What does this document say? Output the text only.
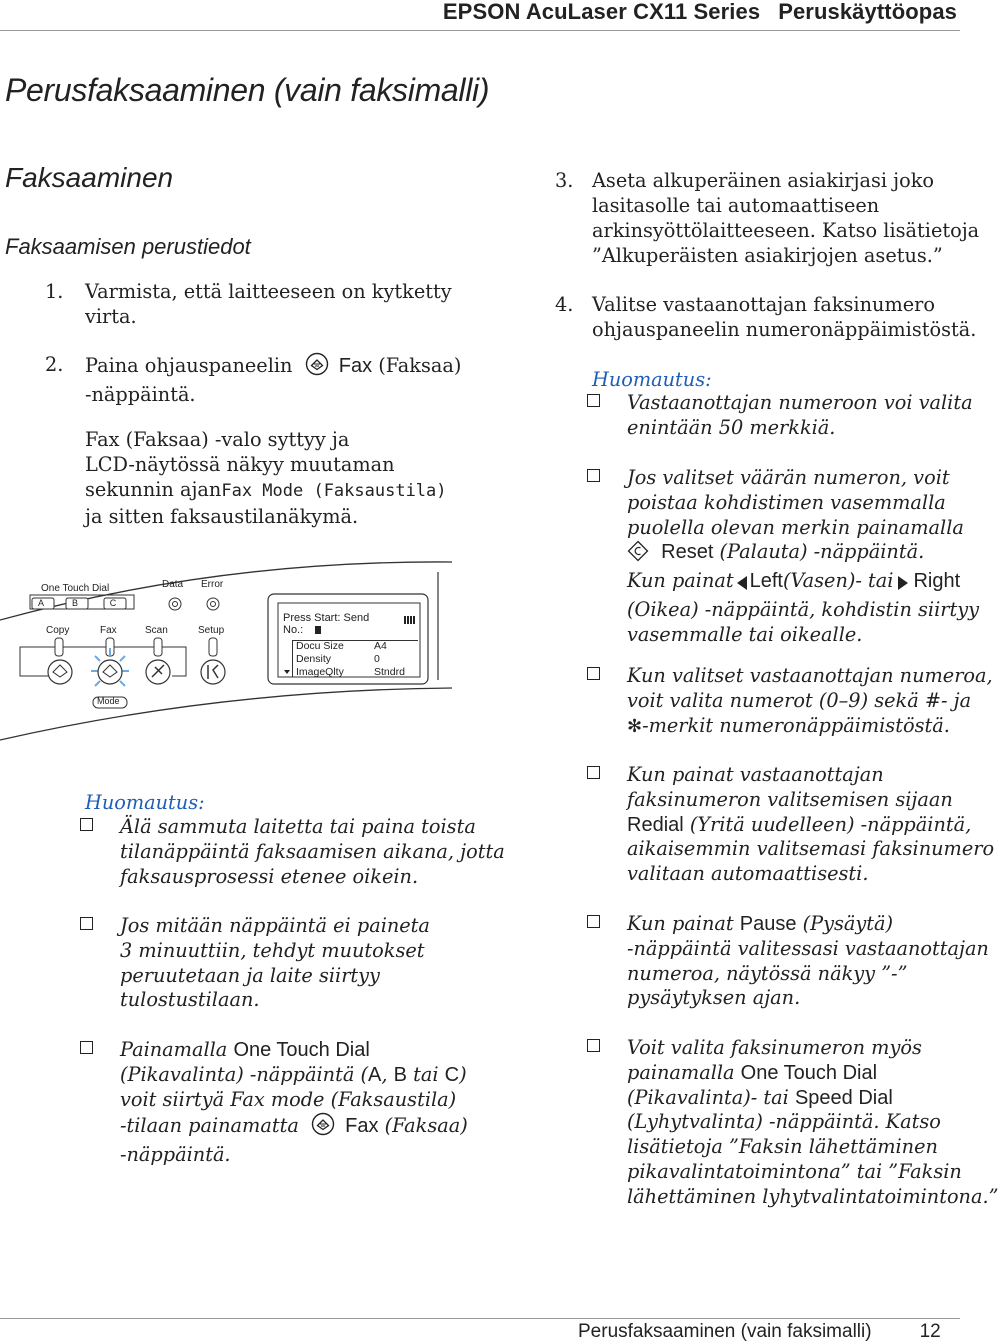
EPSON AcuLaser CX11 Series Peruskäyttöopas
Perusfaksaaminen (vain faksimalli)
Faksaaminen
Faksaamisen perustiedot
1. Varmista, että laitteeseen on kytketty
virta.
2. Paina ohjauspaneelin Fax (Faksaa)
-näppäintä.
Fax (Faksaa) -valo syttyy ja
LCD-näytössä näkyy muutaman
sekunnin ajanFax Mode (Faksaustila)
ja sitten faksaustilanäkymä.
One Touch Dial
A	B	C
Data Error
Copy	Fax	Scan	Setup
Mode
Press Start: Send
No.:
Docu Size	A4
Density	0
ImageQlty	Stndrd
Huomautus:
Älä sammuta laitetta tai paina toista
tilanäppäintä faksaamisen aikana, jotta
faksausprosessi etenee oikein.
Jos mitään näppäintä ei paineta
3 minuuttiin, tehdyt muutokset
peruutetaan ja laite siirtyy
tulostustilaan.
Painamalla One Touch Dial
(Pikavalinta) -näppäintä (A, B tai C)
voit siirtyä Fax mode (Faksaustila)
-tilaan painamatta Fax (Faksaa)
-näppäintä.
3. Aseta alkuperäinen asiakirjasi joko
lasitasolle tai automaattiseen
arkinsyöttölaitteeseen. Katso lisätietoja
”Alkuperäisten asiakirjojen asetus.”
4. Valitse vastaanottajan faksinumero
ohjauspaneelin numeronäppäimistöstä.
Huomautus:
Vastaanottajan numeroon voi valita
enintään 50 merkkiä.
Jos valitset väärän numeron, voit
poistaa kohdistimen vasemmalla
puolella olevan merkin painamalla
Reset (Palauta) -näppäintä.
Kun painat Left(Vasen)- tai Right
(Oikea) -näppäintä, kohdistin siirtyy
vasemmalle tai oikealle.
Kun valitset vastaanottajan numeroa,
voit valita numerot (0–9) sekä #- ja
✻-merkit numeronäppäimistöstä.
Kun painat vastaanottajan
faksinumeron valitsemisen sijaan
Redial (Yritä uudelleen) -näppäintä,
aikaisemmin valitsemasi faksinumero
valitaan automaattisesti.
Kun painat Pause (Pysäytä)
-näppäintä valitessasi vastaanottajan
numeroa, näytössä näkyy ”-”
pysäytyksen ajan.
Voit valita faksinumeron myös
painamalla One Touch Dial
(Pikavalinta)- tai Speed Dial
(Lyhytvalinta) -näppäintä. Katso
lisätietoja ”Faksin lähettäminen
pikavalintatoimintona” tai ”Faksin
lähettäminen lyhytvalintatoimintona.”
Perusfaksaaminen (vain faksimalli)	12
